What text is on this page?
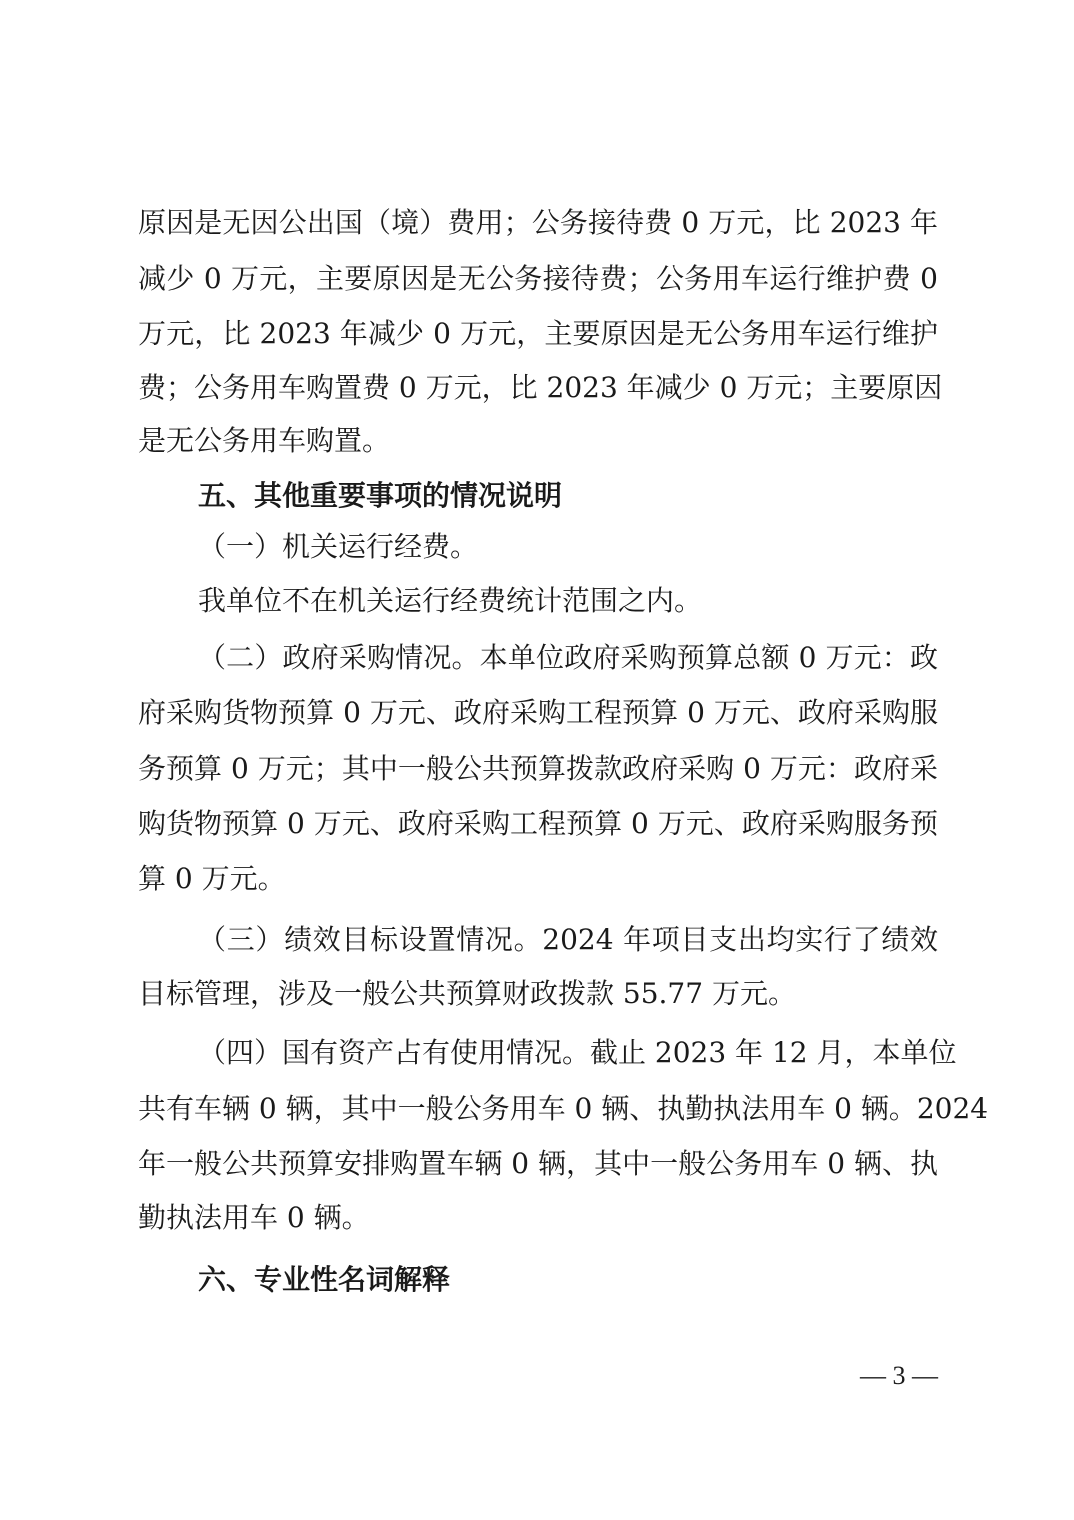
原因是无因公出国（境）费用；公务接待费 0 万元，比 2023 年
减少 0 万元，主要原因是无公务接待费；公务用车运行维护费 0
万元，比 2023 年减少 0 万元，主要原因是无公务用车运行维护
费；公务用车购置费 0 万元，比 2023 年减少 0 万元；主要原因
是无公务用车购置。
五、其他重要事项的情况说明
（一）机关运行经费。
我单位不在机关运行经费统计范围之内。
（二）政府采购情况。本单位政府采购预算总额 0 万元：政
府采购货物预算 0 万元、政府采购工程预算 0 万元、政府采购服
务预算 0 万元；其中一般公共预算拨款政府采购 0 万元：政府采
购货物预算 0 万元、政府采购工程预算 0 万元、政府采购服务预
算 0 万元。
（三）绩效目标设置情况。2024 年项目支出均实行了绩效
目标管理，涉及一般公共预算财政拨款 55.77 万元。
（四）国有资产占有使用情况。截止 2023 年 12 月，本单位
共有车辆 0 辆，其中一般公务用车 0 辆、执勤执法用车 0 辆。2024
年一般公共预算安排购置车辆 0 辆，其中一般公务用车 0 辆、执
勤执法用车 0 辆。
六、专业性名词解释
— 3 —
